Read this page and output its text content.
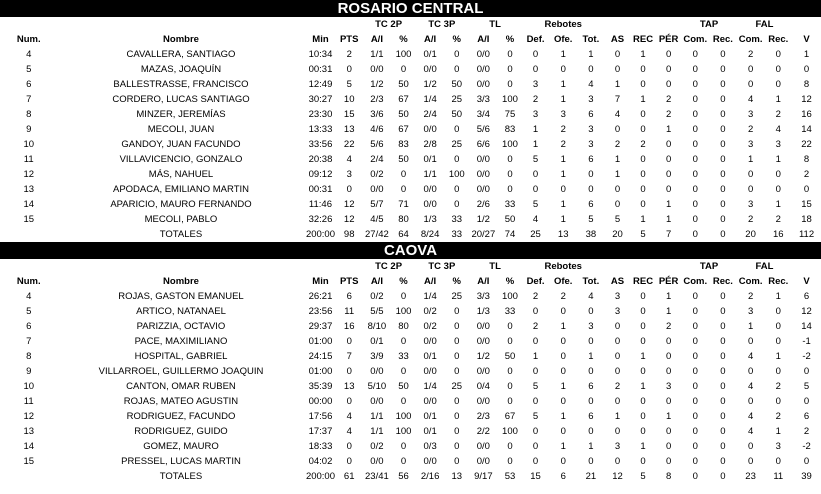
ROSARIO CENTRAL
				TC 2P		TC 3P		TL		Rebotes						TAP		FAL		
Num.	Nombre	Min	PTS	A/I	%	A/I	%	A/I	%	Def.	Ofe.	Tot.	AS	REC	PÉR	Com.	Rec.	Com.	Rec.	V
4	CAVALLERA, SANTIAGO	10:34	2	1/1	100	0/1	0	0/0	0	0	1	1	0	1	0	0	0	2	0	1
5	MAZAS, JOAQUÍN	00:31	0	0/0	0	0/0	0	0/0	0	0	0	0	0	0	0	0	0	0	0	0
6	BALLESTRASSE, FRANCISCO	12:49	5	1/2	50	1/2	50	0/0	0	3	1	4	1	0	0	0	0	0	0	8
7	CORDERO, LUCAS SANTIAGO	30:27	10	2/3	67	1/4	25	3/3	100	2	1	3	7	1	2	0	0	4	1	12
8	MINZER, JEREMÍAS	23:30	15	3/6	50	2/4	50	3/4	75	3	3	6	4	0	2	0	0	3	2	16
9	MECOLI, JUAN	13:33	13	4/6	67	0/0	0	5/6	83	1	2	3	0	0	1	0	0	2	4	14
10	GANDOY, JUAN FACUNDO	33:56	22	5/6	83	2/8	25	6/6	100	1	2	3	2	2	0	0	0	3	3	22
11	VILLAVICENCIO, GONZALO	20:38	4	2/4	50	0/1	0	0/0	0	5	1	6	1	0	0	0	0	1	1	8
12	MÁS, NAHUEL	09:12	3	0/2	0	1/1	100	0/0	0	0	1	0	1	0	0	0	0	0	0	2
13	APODACA, EMILIANO MARTIN	00:31	0	0/0	0	0/0	0	0/0	0	0	0	0	0	0	0	0	0	0	0	0
14	APARICIO, MAURO FERNANDO	11:46	12	5/7	71	0/0	0	2/6	33	5	1	6	0	0	1	0	0	3	1	15
15	MECOLI, PABLO	32:26	12	4/5	80	1/3	33	1/2	50	4	1	5	5	1	1	0	0	2	2	18
	TOTALES	200:00	98	27/42	64	8/24	33	20/27	74	25	13	38	20	5	7	0	0	20	16	112
CAOVA
				TC 2P		TC 3P		TL		Rebotes						TAP		FAL		
Num.	Nombre	Min	PTS	A/I	%	A/I	%	A/I	%	Def.	Ofe.	Tot.	AS	REC	PÉR	Com.	Rec.	Com.	Rec.	V
4	ROJAS, GASTON EMANUEL	26:21	6	0/2	0	1/4	25	3/3	100	2	2	4	3	0	1	0	0	2	1	6
5	ARTICO, NATANAEL	23:56	11	5/5	100	0/2	0	1/3	33	0	0	0	3	0	1	0	0	3	0	12
6	PARIZZIA, OCTAVIO	29:37	16	8/10	80	0/2	0	0/0	0	2	1	3	0	0	2	0	0	1	0	14
7	PACE, MAXIMILIANO	01:00	0	0/1	0	0/0	0	0/0	0	0	0	0	0	0	0	0	0	0	0	-1
8	HOSPITAL, GABRIEL	24:15	7	3/9	33	0/1	0	1/2	50	1	0	1	0	1	0	0	0	4	1	-2
9	VILLARROEL, GUILLERMO JOAQUIN	01:00	0	0/0	0	0/0	0	0/0	0	0	0	0	0	0	0	0	0	0	0	0
10	CANTON, OMAR RUBEN	35:39	13	5/10	50	1/4	25	0/4	0	5	1	6	2	1	3	0	0	4	2	5
11	ROJAS, MATEO AGUSTIN	00:00	0	0/0	0	0/0	0	0/0	0	0	0	0	0	0	0	0	0	0	0	0
12	RODRIGUEZ, FACUNDO	17:56	4	1/1	100	0/1	0	2/3	67	5	1	6	1	0	1	0	0	4	2	6
13	RODRIGUEZ, GUIDO	17:37	4	1/1	100	0/1	0	2/2	100	0	0	0	0	0	0	0	0	4	1	2
14	GOMEZ, MAURO	18:33	0	0/2	0	0/3	0	0/0	0	0	1	1	3	1	0	0	0	0	3	-2
15	PRESSEL, LUCAS MARTIN	04:02	0	0/0	0	0/0	0	0/0	0	0	0	0	0	0	0	0	0	0	0	0
	TOTALES	200:00	61	23/41	56	2/16	13	9/17	53	15	6	21	12	5	8	0	0	23	11	39
